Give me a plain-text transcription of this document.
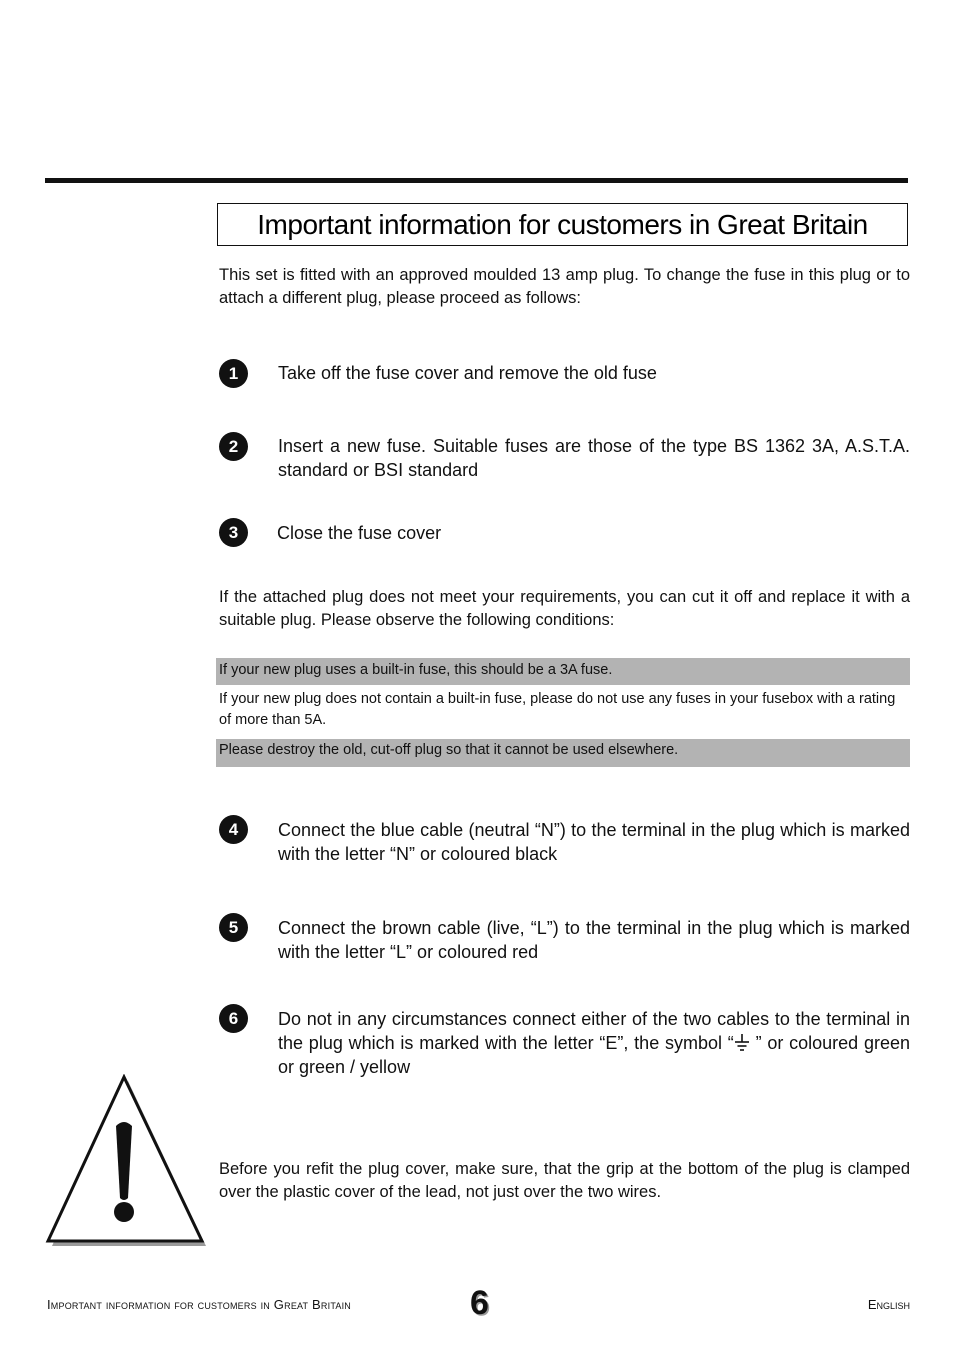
Important information for customers in Great Britain
This set is fitted with an approved moulded 13 amp plug. To change the fuse in this plug or to attach a different plug, please proceed as follows:
1	Take off the fuse cover and remove the old fuse
2	Insert a new fuse. Suitable fuses are those of the type BS 1362 3A, A.S.T.A. standard or BSI standard
3	Close the fuse cover
If the attached plug does not meet your requirements, you can cut it off and replace it with a suitable plug. Please observe the following conditions:
If your new plug uses a built-in fuse, this should be a 3A fuse.
If your new plug does not contain a built-in fuse, please do not use any fuses in your fusebox with a rating of more than 5A.
Please destroy the old, cut-off plug so that it cannot be used elsewhere.
4	Connect the blue cable (neutral “N”) to the terminal in the plug which is marked with the letter “N” or coloured black
5	Connect the brown cable (live, “L”) to the terminal in the plug which is marked with the letter “L” or coloured red
6	Do not in any circumstances connect either of the two cables to the terminal in the plug which is marked with the letter “E”, the symbol “ ” or coloured green or green / yellow
Before you refit the plug cover, make sure, that the grip at the bottom of the plug is clamped over the plastic cover of the lead, not just over the two wires.
Important information for customers in Great Britain	6	English
